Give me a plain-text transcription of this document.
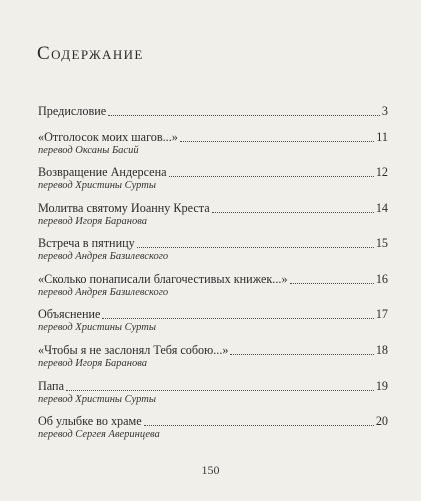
Содержание
Предисловие	3
«Отголосок моих шагов...»	11
перевод Оксаны Басий
Возвращение Андерсена	12
перевод Христины Сурты
Молитва святому Иоанну Креста	14
перевод Игоря Баранова
Встреча в пятницу	15
перевод Андрея Базилевского
«Сколько понаписали благочестивых книжек...»	16
перевод Андрея Базилевского
Объяснение	17
перевод Христины Сурты
«Чтобы я не заслонял Тебя собою...»	18
перевод Игоря Баранова
Папа	19
перевод Христины Сурты
Об улыбке во храме	20
перевод Сергея Аверинцева
150
